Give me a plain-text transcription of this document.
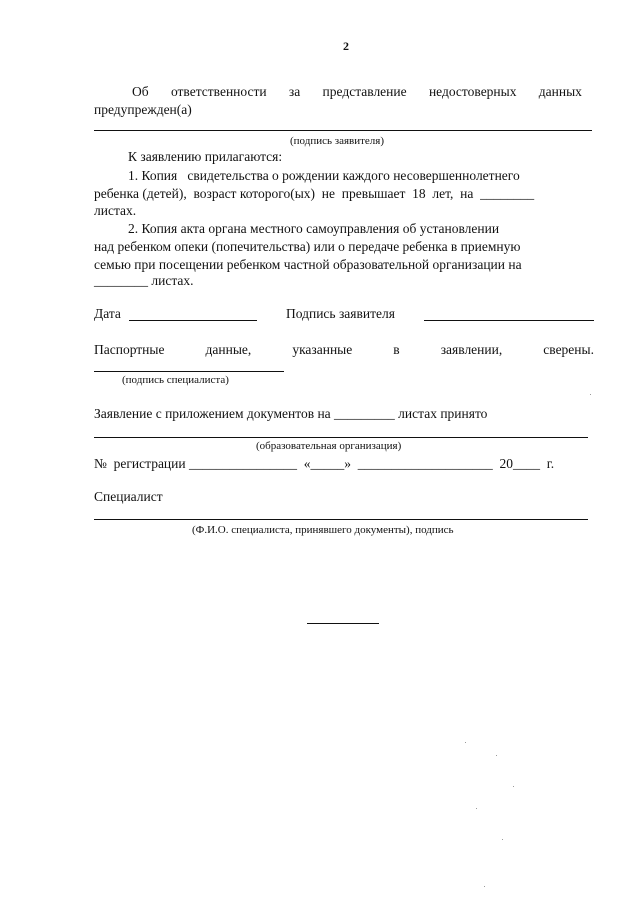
2
Об ответственности за представление недостоверных данных
предупрежден(а)
(подпись заявителя)
К заявлению прилагаются:
1. Копия   свидетельства о рождении каждого несовершеннолетнего
ребенка (детей),  возраст которого(ых)  не  превышает  18  лет,  на  ________
листах.
2. Копия акта органа местного самоуправления об установлении
над ребенком опеки (попечительства) или о передаче ребенка в приемную
семью при посещении ребенком частной образовательной организации на
________ листах.
Дата	Подпись заявителя
Паспортные	данные,	указанные	в	заявлении,	сверены.
(подпись специалиста)
Заявление с приложением документов на _________ листах принято
(образовательная организация)
№  регистрации ________________  «_____»  ____________________  20____  г.
Специалист
(Ф.И.О. специалиста, принявшего документы), подпись
